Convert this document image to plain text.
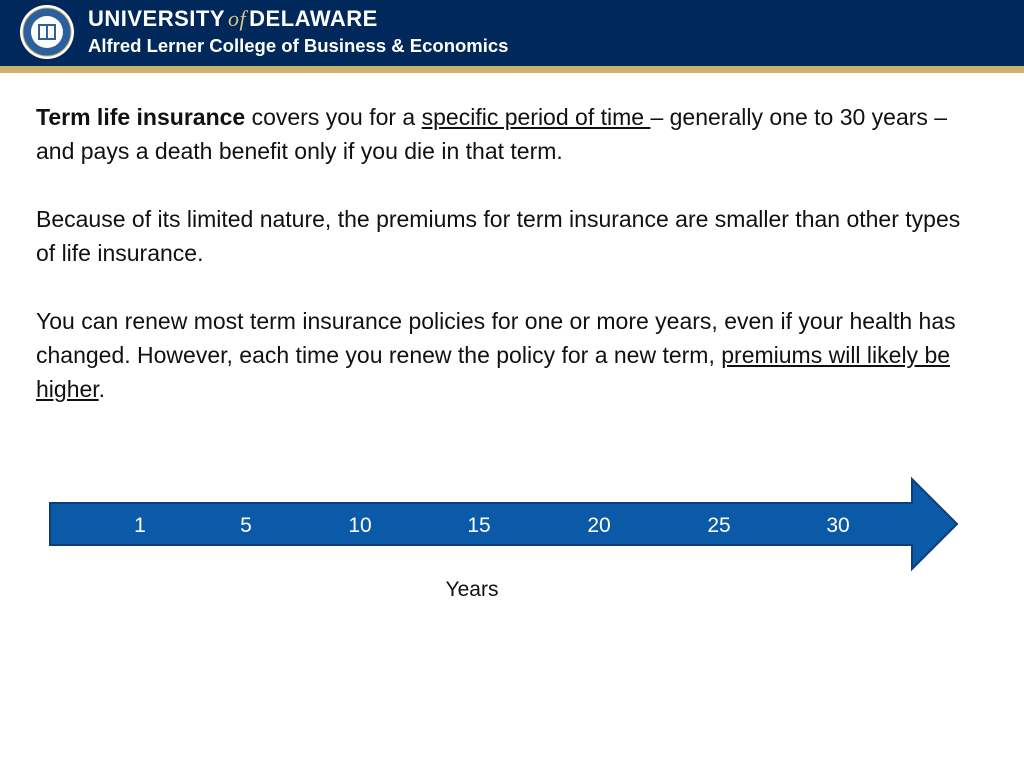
UNIVERSITY of DELAWARE
Alfred Lerner College of Business & Economics

Term life insurance covers you for a specific period of time – generally one to 30 years – and pays a death benefit only if you die in that term.

Because of its limited nature, the premiums for term insurance are smaller than other types of life insurance.

You can renew most term insurance policies for one or more years, even if your health has changed. However, each time you renew the policy for a new term, premiums will likely be higher.

1	5	10	15	20	25	30
Years
